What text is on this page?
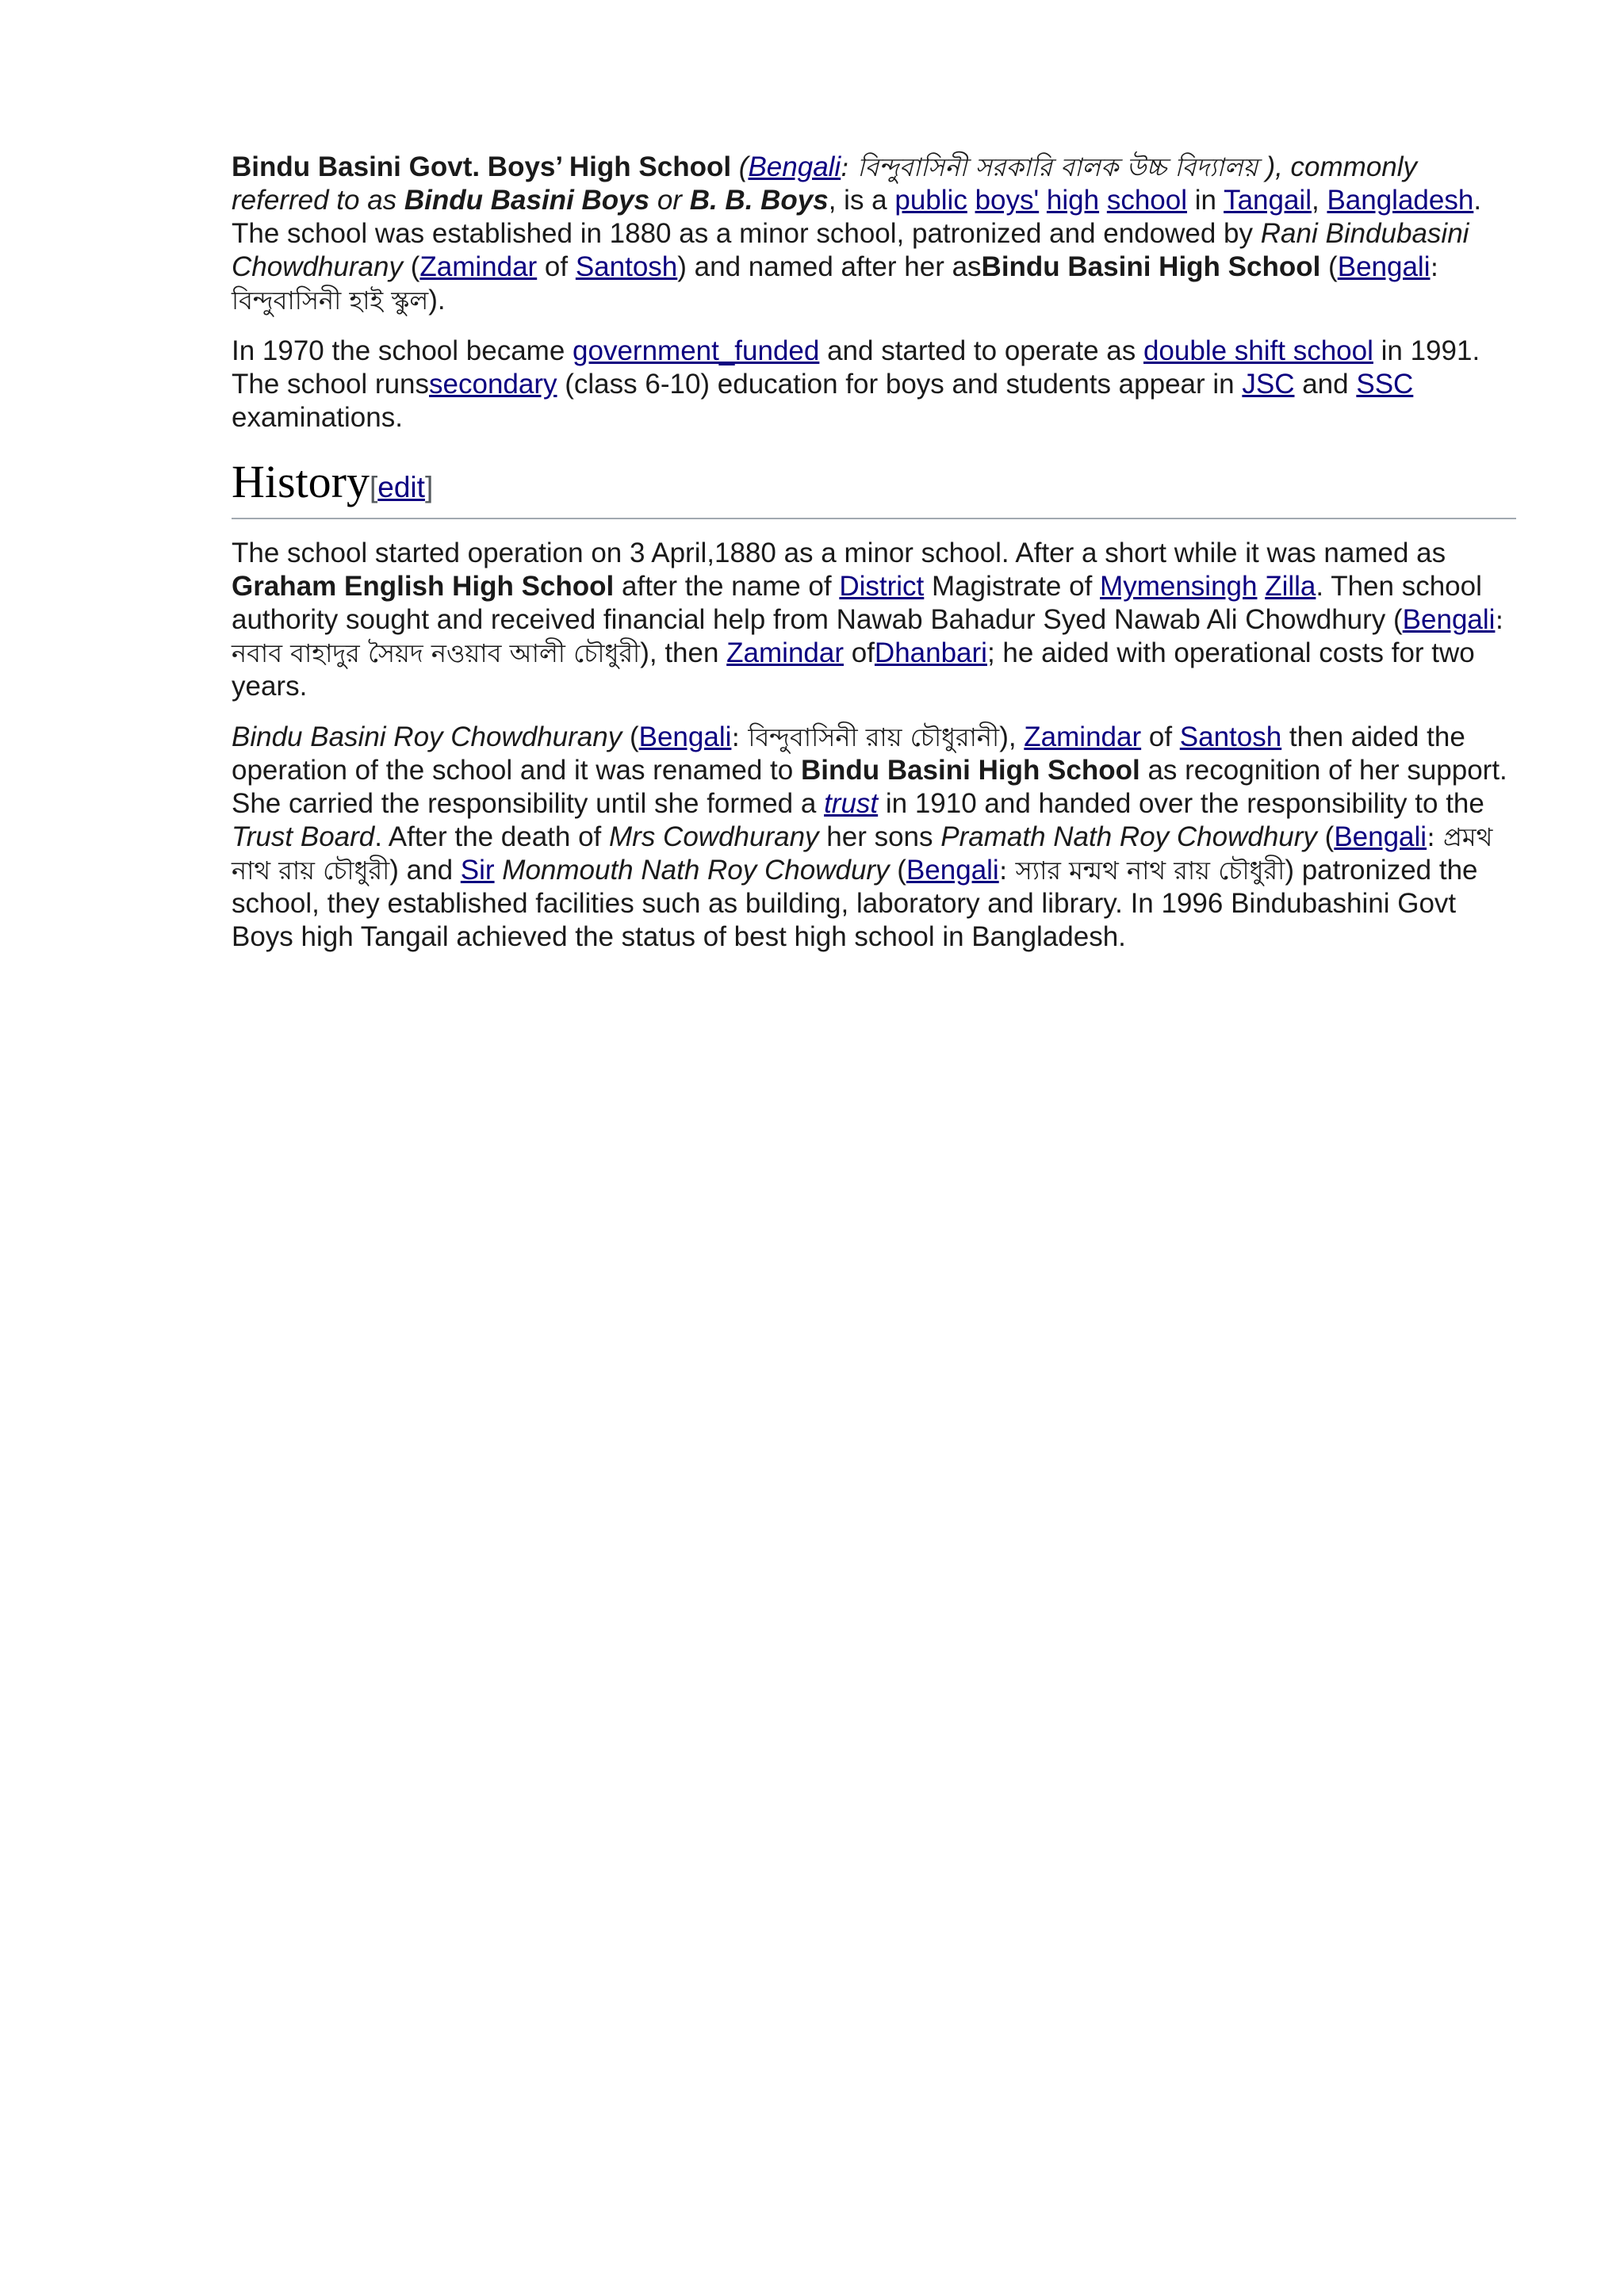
Bindu Basini Govt. Boys’ High School (Bengali: বিন্দুবাসিনী সরকারি বালক উচ্চ বিদ্যালয় ), commonly referred to as Bindu Basini Boys or B. B. Boys, is a public boys' high school in Tangail, Bangladesh. The school was established in 1880 as a minor school, patronized and endowed by Rani Bindubasini Chowdhurany (Zamindar of Santosh) and named after her asBindu Basini High School (Bengali: বিন্দুবাসিনী হাই স্কুল).

In 1970 the school became government_funded and started to operate as double shift school in 1991. The school runssecondary (class 6-10) education for boys and students appear in JSC and SSC examinations.

History[edit]

The school started operation on 3 April,1880 as a minor school. After a short while it was named as Graham English High School after the name of District Magistrate of Mymensingh Zilla. Then school authority sought and received financial help from Nawab Bahadur Syed Nawab Ali Chowdhury (Bengali: নবাব বাহাদুর সৈয়দ নওয়াব আলী চৌধুরী), then Zamindar ofDhanbari; he aided with operational costs for two years.

Bindu Basini Roy Chowdhurany (Bengali: বিন্দুবাসিনী রায় চৌধুরানী), Zamindar of Santosh then aided the operation of the school and it was renamed to Bindu Basini High School as recognition of her support. She carried the responsibility until she formed a trust in 1910 and handed over the responsibility to the Trust Board. After the death of Mrs Cowdhurany her sons Pramath Nath Roy Chowdhury (Bengali: প্রমথ নাথ রায় চৌধুরী) and Sir Monmouth Nath Roy Chowdury (Bengali: স্যার মন্মথ নাথ রায় চৌধুরী) patronized the school, they established facilities such as building, laboratory and library. In 1996 Bindubashini Govt Boys high Tangail achieved the status of best high school in Bangladesh.
